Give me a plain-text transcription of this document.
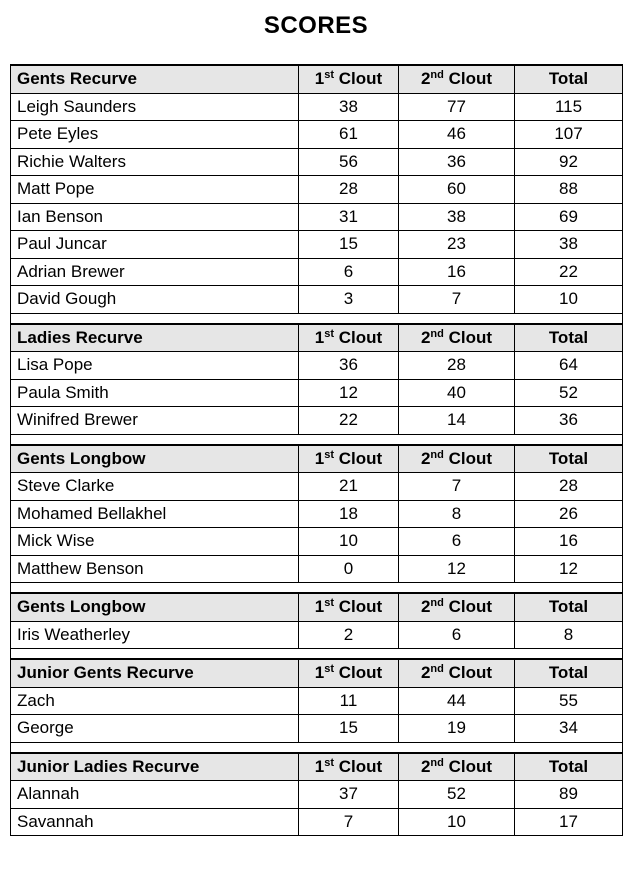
SCORES
Gents Recurve	1st Clout	2nd Clout	Total
Leigh Saunders	38	77	115
Pete Eyles	61	46	107
Richie Walters	56	36	92
Matt Pope	28	60	88
Ian Benson	31	38	69
Paul Juncar	15	23	38
Adrian Brewer	6	16	22
David Gough	3	7	10

Ladies Recurve	1st Clout	2nd Clout	Total
Lisa Pope	36	28	64
Paula Smith	12	40	52
Winifred Brewer	22	14	36

Gents Longbow	1st Clout	2nd Clout	Total
Steve Clarke	21	7	28
Mohamed Bellakhel	18	8	26
Mick Wise	10	6	16
Matthew Benson	0	12	12

Gents Longbow	1st Clout	2nd Clout	Total
Iris Weatherley	2	6	8

Junior Gents Recurve	1st Clout	2nd Clout	Total
Zach	11	44	55
George	15	19	34

Junior Ladies Recurve	1st Clout	2nd Clout	Total
Alannah	37	52	89
Savannah	7	10	17
